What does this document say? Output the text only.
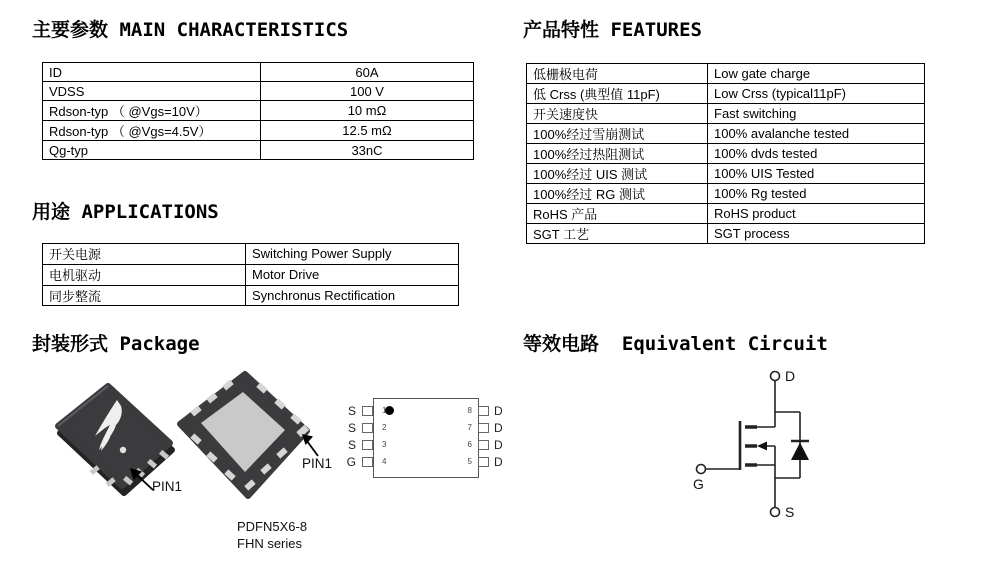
主要参数 MAIN CHARACTERISTICS	产品特性 FEATURES
用途 APPLICATIONS
封装形式 Package	等效电路  Equivalent Circuit
ID	60A
VDSS	100 V
Rdson-typ （ @Vgs=10V）	10 mΩ
Rdson-typ （ @Vgs=4.5V）	12.5 mΩ
Qg-typ	33nC
低栅极电荷	Low gate charge
低 Crss (典型值 11pF)	Low Crss (typical11pF)
开关速度快	Fast switching
100%经过雪崩测试	100% avalanche tested
100%经过热阻测试	100% dvds tested
100%经过 UIS 测试	100% UIS Tested
100%经过 RG 测试	100% Rg tested
RoHS 产品	RoHS product
SGT 工艺	SGT process
开关电源	Switching Power Supply
电机驱动	Motor Drive
同步整流	Synchronus Rectification
PIN1
PIN1
S	1
S	2
S	3
G	4
8 D
7 D
6 D
5 D
PDFN5X6-8
FHN series
D
G
S
